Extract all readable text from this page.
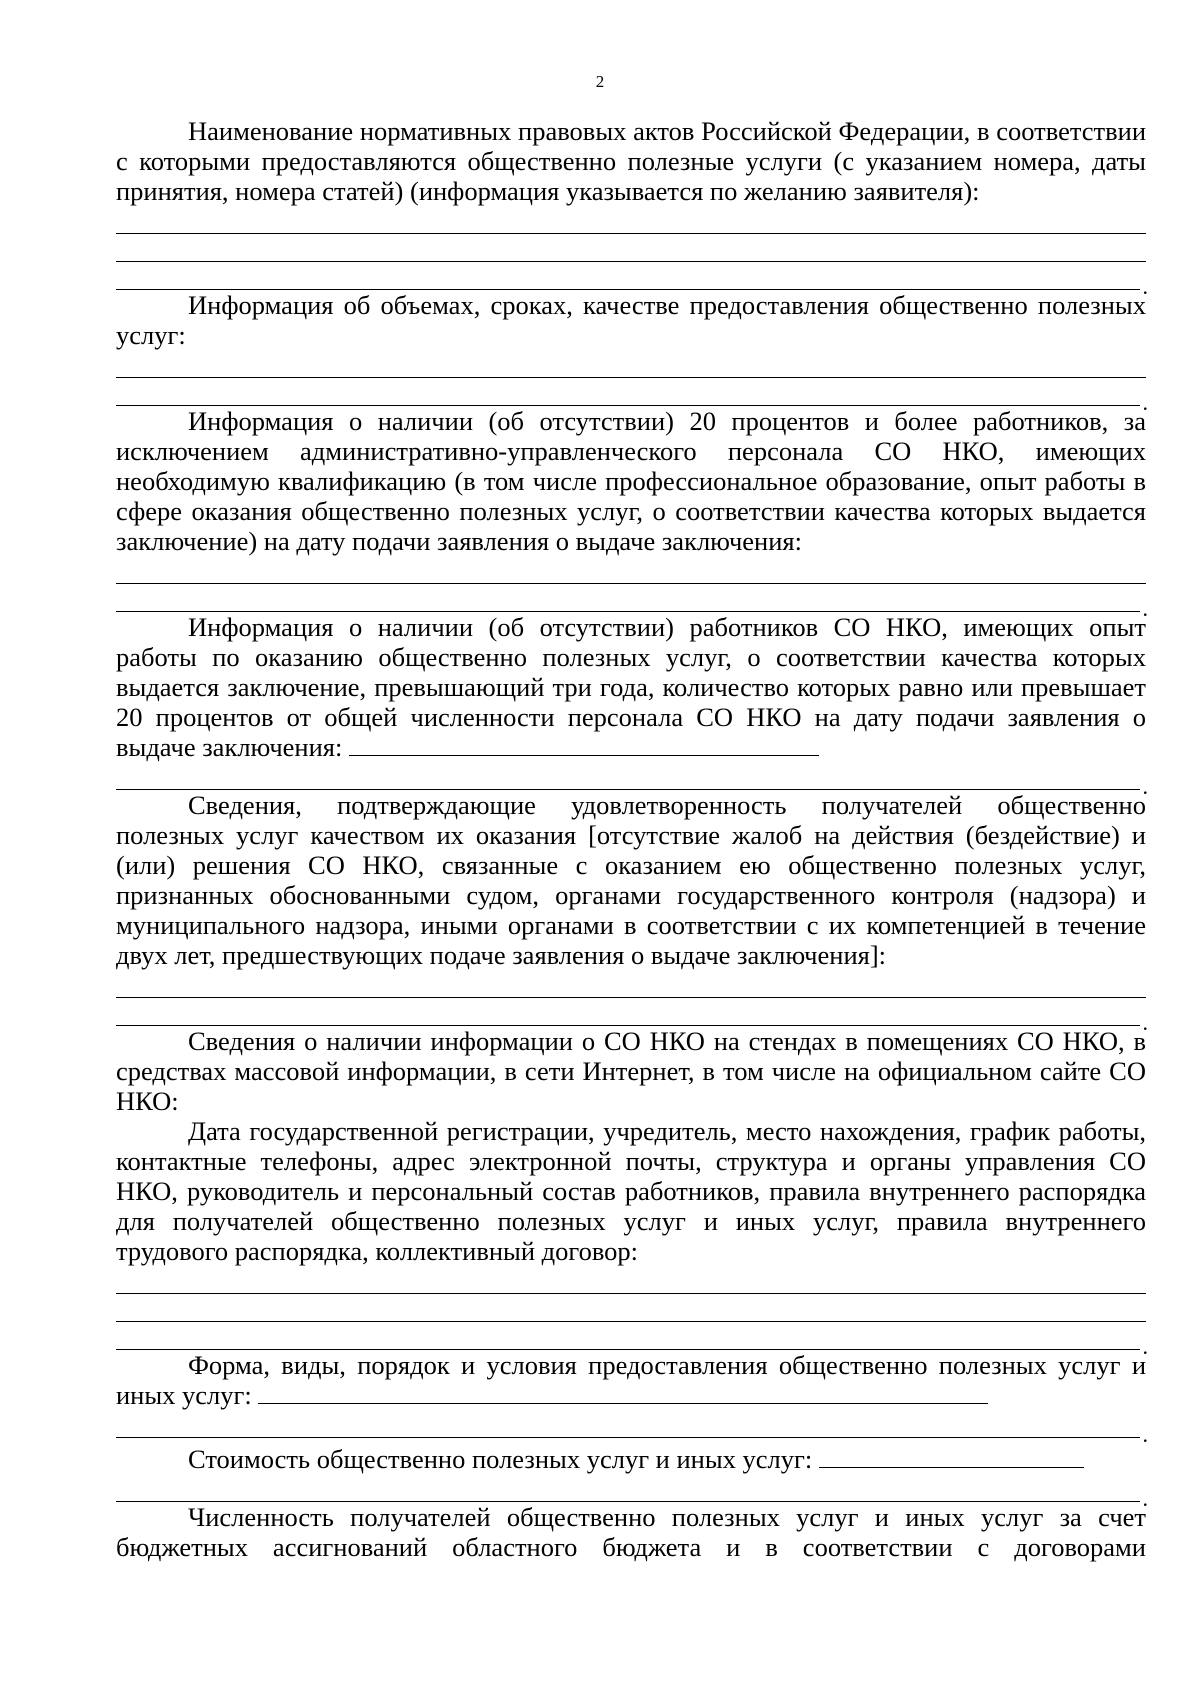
2

Наименование нормативных правовых актов Российской Федерации, в соответствии с которыми предоставляются общественно полезные услуги (с указанием номера, даты принятия, номера статей) (информация указывается по желанию заявителя):

.

Информация об объемах, сроках, качестве предоставления общественно полезных услуг:

.

Информация о наличии (об отсутствии) 20 процентов и более работников, за исключением административно-управленческого персонала СО НКО, имеющих необходимую квалификацию (в том числе профессиональное образование, опыт работы в сфере оказания общественно полезных услуг, о соответствии качества которых выдается заключение) на дату подачи заявления о выдаче заключения:

.

Информация о наличии (об отсутствии) работников СО НКО, имеющих опыт работы по оказанию общественно полезных услуг, о соответствии качества которых выдается заключение, превышающий три года, количество которых равно или превышает 20 процентов от общей численности персонала СО НКО на дату подачи заявления о выдаче заключения:

.

Сведения, подтверждающие удовлетворенность получателей общественно полезных услуг качеством их оказания [отсутствие жалоб на действия (бездействие) и (или) решения СО НКО, связанные с оказанием ею общественно полезных услуг, признанных обоснованными судом, органами государственного контроля (надзора) и муниципального надзора, иными органами в соответствии с их компетенцией в течение двух лет, предшествующих подаче заявления о выдаче заключения]:

.

Сведения о наличии информации о СО НКО на стендах в помещениях СО НКО, в средствах массовой информации, в сети Интернет, в том числе на официальном сайте СО НКО:

Дата государственной регистрации, учредитель, место нахождения, график работы, контактные телефоны, адрес электронной почты, структура и органы управления СО НКО, руководитель и персональный состав работников, правила внутреннего распорядка для получателей общественно полезных услуг и иных услуг, правила внутреннего трудового распорядка, коллективный договор:

.

Форма, виды, порядок и условия предоставления общественно полезных услуг и иных услуг:

.

Стоимость общественно полезных услуг и иных услуг:

.

Численность получателей общественно полезных услуг и иных услуг за счет бюджетных ассигнований областного бюджета и в соответствии с договорами
